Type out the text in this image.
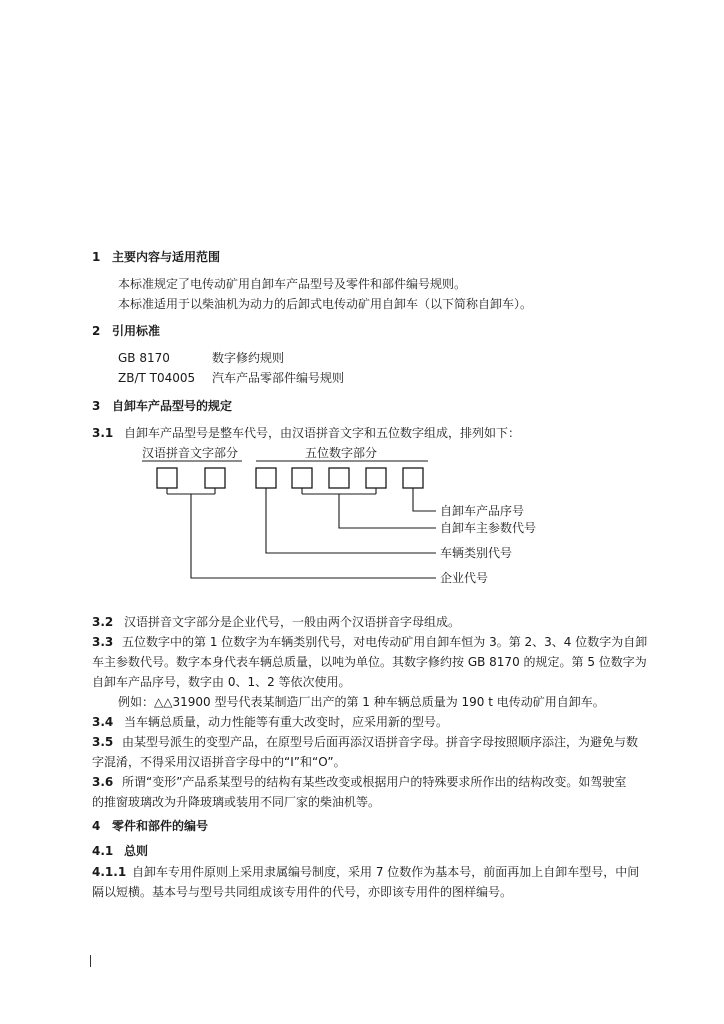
1 主要内容与适用范围
本标准规定了电传动矿用自卸车产品型号及零件和部件编号规则。
本标准适用于以柴油机为动力的后卸式电传动矿用自卸车（以下简称自卸车）。
2 引用标准
GB 8170	数字修约规则
ZB/T T04005 汽车产品零部件编号规则
3 自卸车产品型号的规定
3.1 自卸车产品型号是整车代号，由汉语拼音文字和五位数字组成，排列如下：
汉语拼音文字部分	五位数字部分
自卸车产品序号
自卸车主参数代号
车辆类别代号
企业代号
3.2 汉语拼音文字部分是企业代号，一般由两个汉语拼音字母组成。
3.3 五位数字中的第 1 位数字为车辆类别代号，对电传动矿用自卸车恒为 3。第 2、3、4 位数字为自卸
车主参数代号。数字本身代表车辆总质量，以吨为单位。其数字修约按 GB 8170 的规定。第 5 位数字为
自卸车产品序号，数字由 0、1、2 等依次使用。
例如：△△31900 型号代表某制造厂出产的第 1 种车辆总质量为 190 t 电传动矿用自卸车。
3.4 当车辆总质量，动力性能等有重大改变时，应采用新的型号。
3.5 由某型号派生的变型产品，在原型号后面再添汉语拼音字母。拼音字母按照顺序添注，为避免与数
字混淆，不得采用汉语拼音字母中的“I”和“O”。
3.6 所谓“变形”产品系某型号的结构有某些改变或根据用户的特殊要求所作出的结构改变。如驾驶室
的推窗玻璃改为升降玻璃或装用不同厂家的柴油机等。
4 零件和部件的编号
4.1 总则
4.1.1 自卸车专用件原则上采用隶属编号制度，采用 7 位数作为基本号，前面再加上自卸车型号，中间
隔以短横。基本号与型号共同组成该专用件的代号，亦即该专用件的图样编号。
